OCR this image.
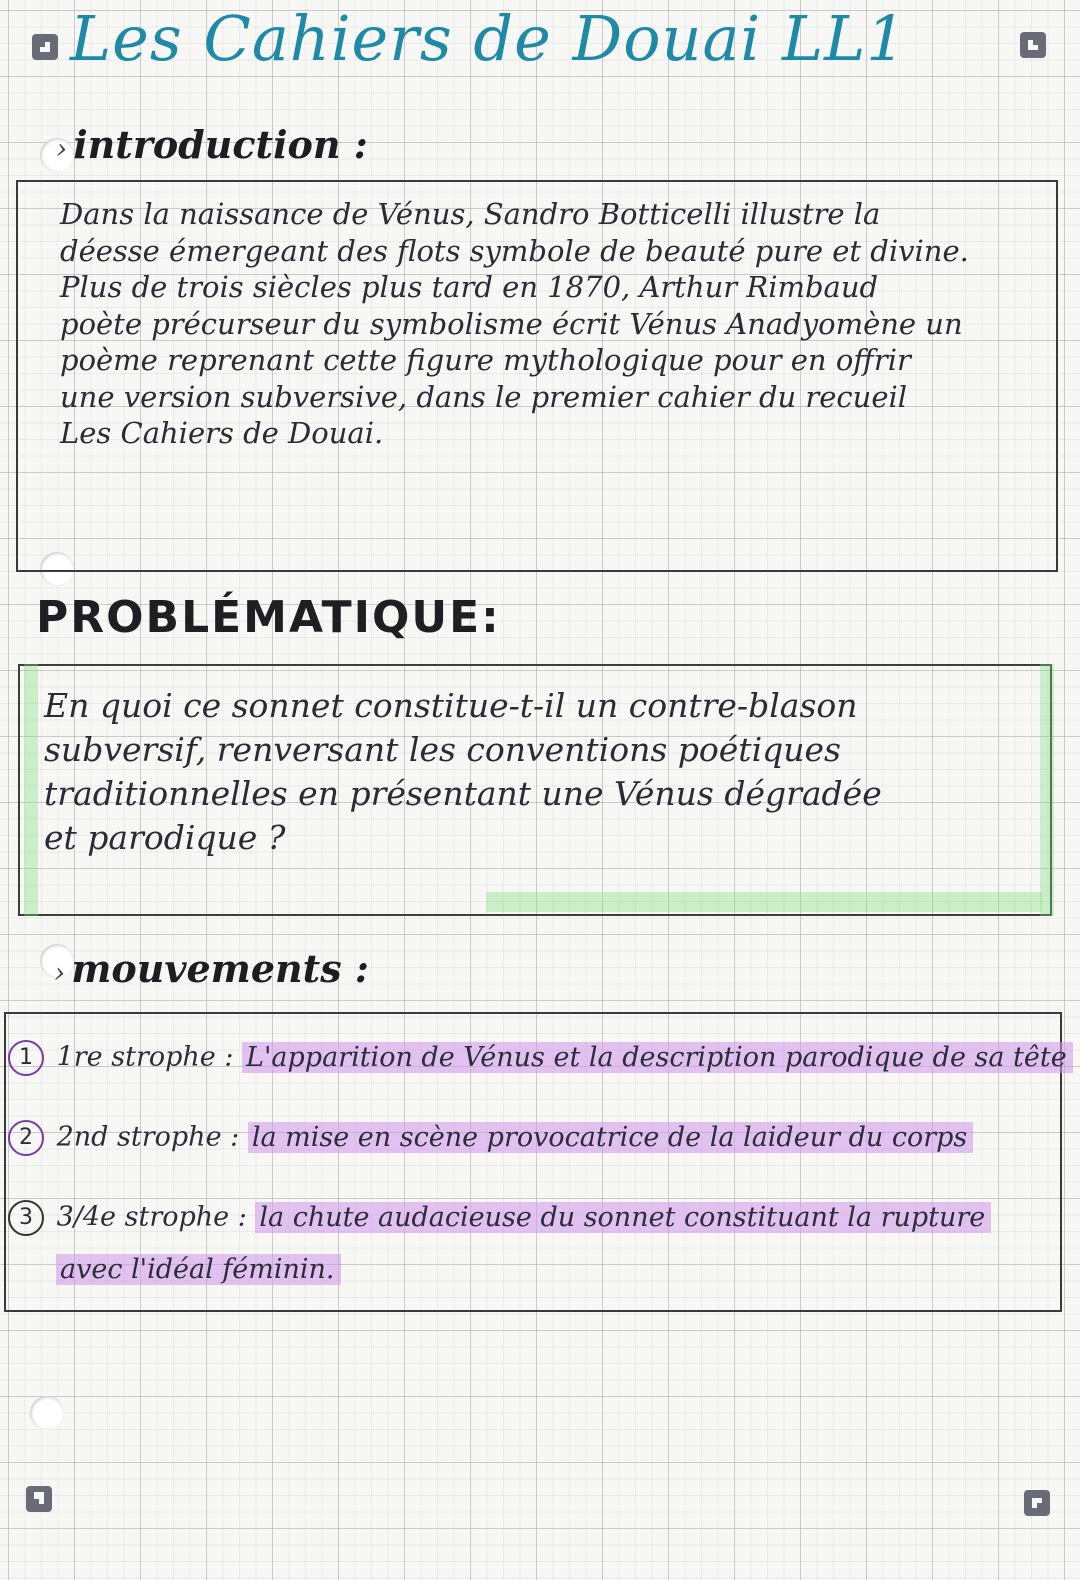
Les Cahiers de Douai LL1
› introduction :
Dans la naissance de Vénus, Sandro Botticelli illustre la
déesse émergeant des flots symbole de beauté pure et divine.
Plus de trois siècles plus tard en 1870, Arthur Rimbaud
poète précurseur du symbolisme écrit Vénus Anadyomène un
poème reprenant cette figure mythologique pour en offrir
une version subversive, dans le premier cahier du recueil
Les Cahiers de Douai.
PROBLÉMATIQUE:
En quoi ce sonnet constitue-t-il un contre-blason
subversif, renversant les conventions poétiques
traditionnelles en présentant une Vénus dégradée
et parodique ?
› mouvements :
1 1re strophe : L'apparition de Vénus et la description parodique de sa tête
2 2nd strophe : la mise en scène provocatrice de la laideur du corps
3 3/4e strophe : la chute audacieuse du sonnet constituant la rupture
avec l'idéal féminin.
